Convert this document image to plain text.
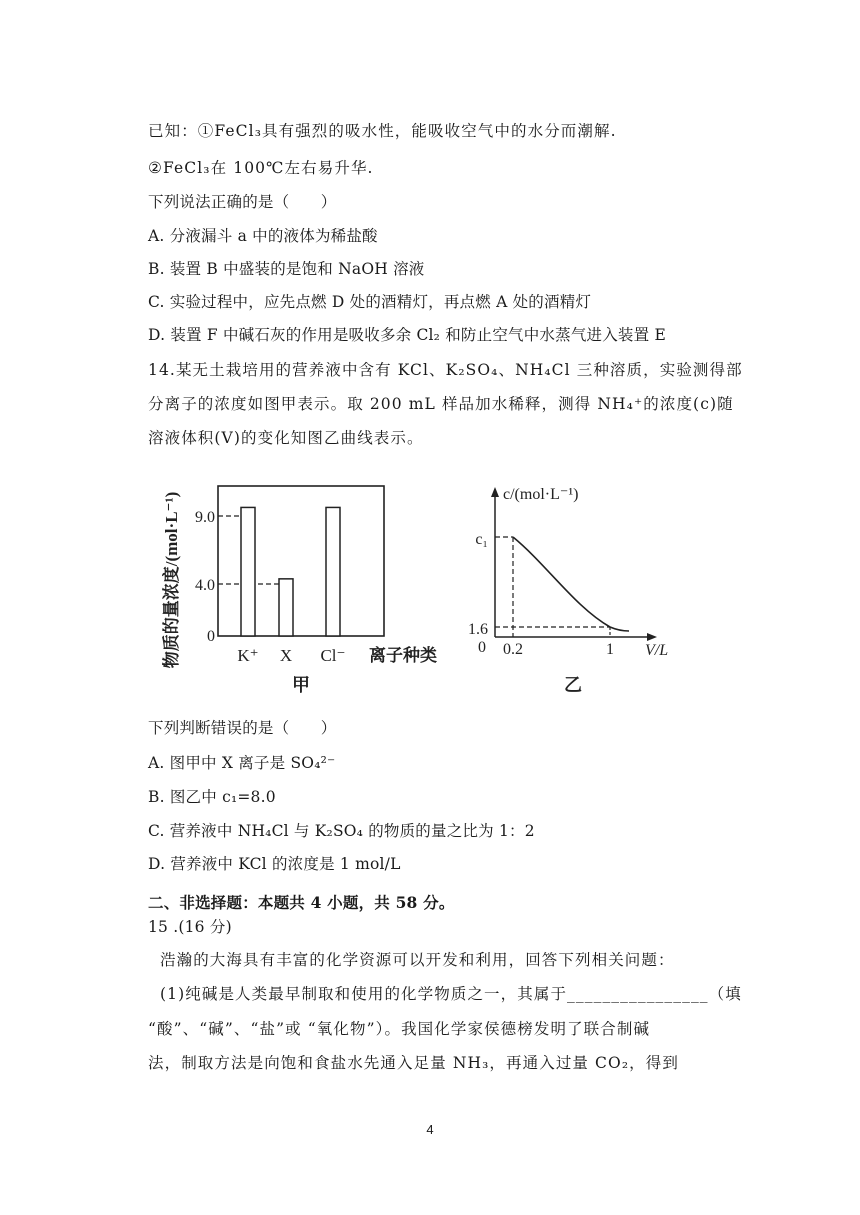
已知：①FeCl₃具有强烈的吸水性，能吸收空气中的水分而潮解.
②FeCl₃在 100℃左右易升华.
下列说法正确的是（　　）
A. 分液漏斗 a 中的液体为稀盐酸
B. 装置 B 中盛装的是饱和 NaOH 溶液
C. 实验过程中，应先点燃 D 处的酒精灯，再点燃 A 处的酒精灯
D. 装置 F 中碱石灰的作用是吸收多余 Cl₂ 和防止空气中水蒸气进入装置 E
14.某无土栽培用的营养液中含有 KCl、K₂SO₄、NH₄Cl 三种溶质，实验测得部
分离子的浓度如图甲表示。取 200 mL 样品加水稀释，测得 NH₄⁺的浓度(c)随
溶液体积(V)的变化知图乙曲线表示。
物质的量浓度/(mol·L⁻¹) 9.0
4.0
0
K⁺ X Cl⁻ 离子种类
甲
c/(mol·L⁻¹)
c₁
1.6
0 0.2	1 V/L
乙
下列判断错误的是（　　）
A. 图甲中 X 离子是 SO₄²⁻
B. 图乙中 c₁=8.0
C. 营养液中 NH₄Cl 与 K₂SO₄ 的物质的量之比为 1：2
D. 营养液中 KCl 的浓度是 1 mol/L
二、非选择题：本题共 4 小题，共 58 分。
15 .(16 分)
浩瀚的大海具有丰富的化学资源可以开发和利用，回答下列相关问题：
(1)纯碱是人类最早制取和使用的化学物质之一，其属于________________（填
“酸”、“碱”、“盐”或 “氧化物”）。我国化学家侯德榜发明了联合制碱
法，制取方法是向饱和食盐水先通入足量 NH₃，再通入过量 CO₂，得到
4
